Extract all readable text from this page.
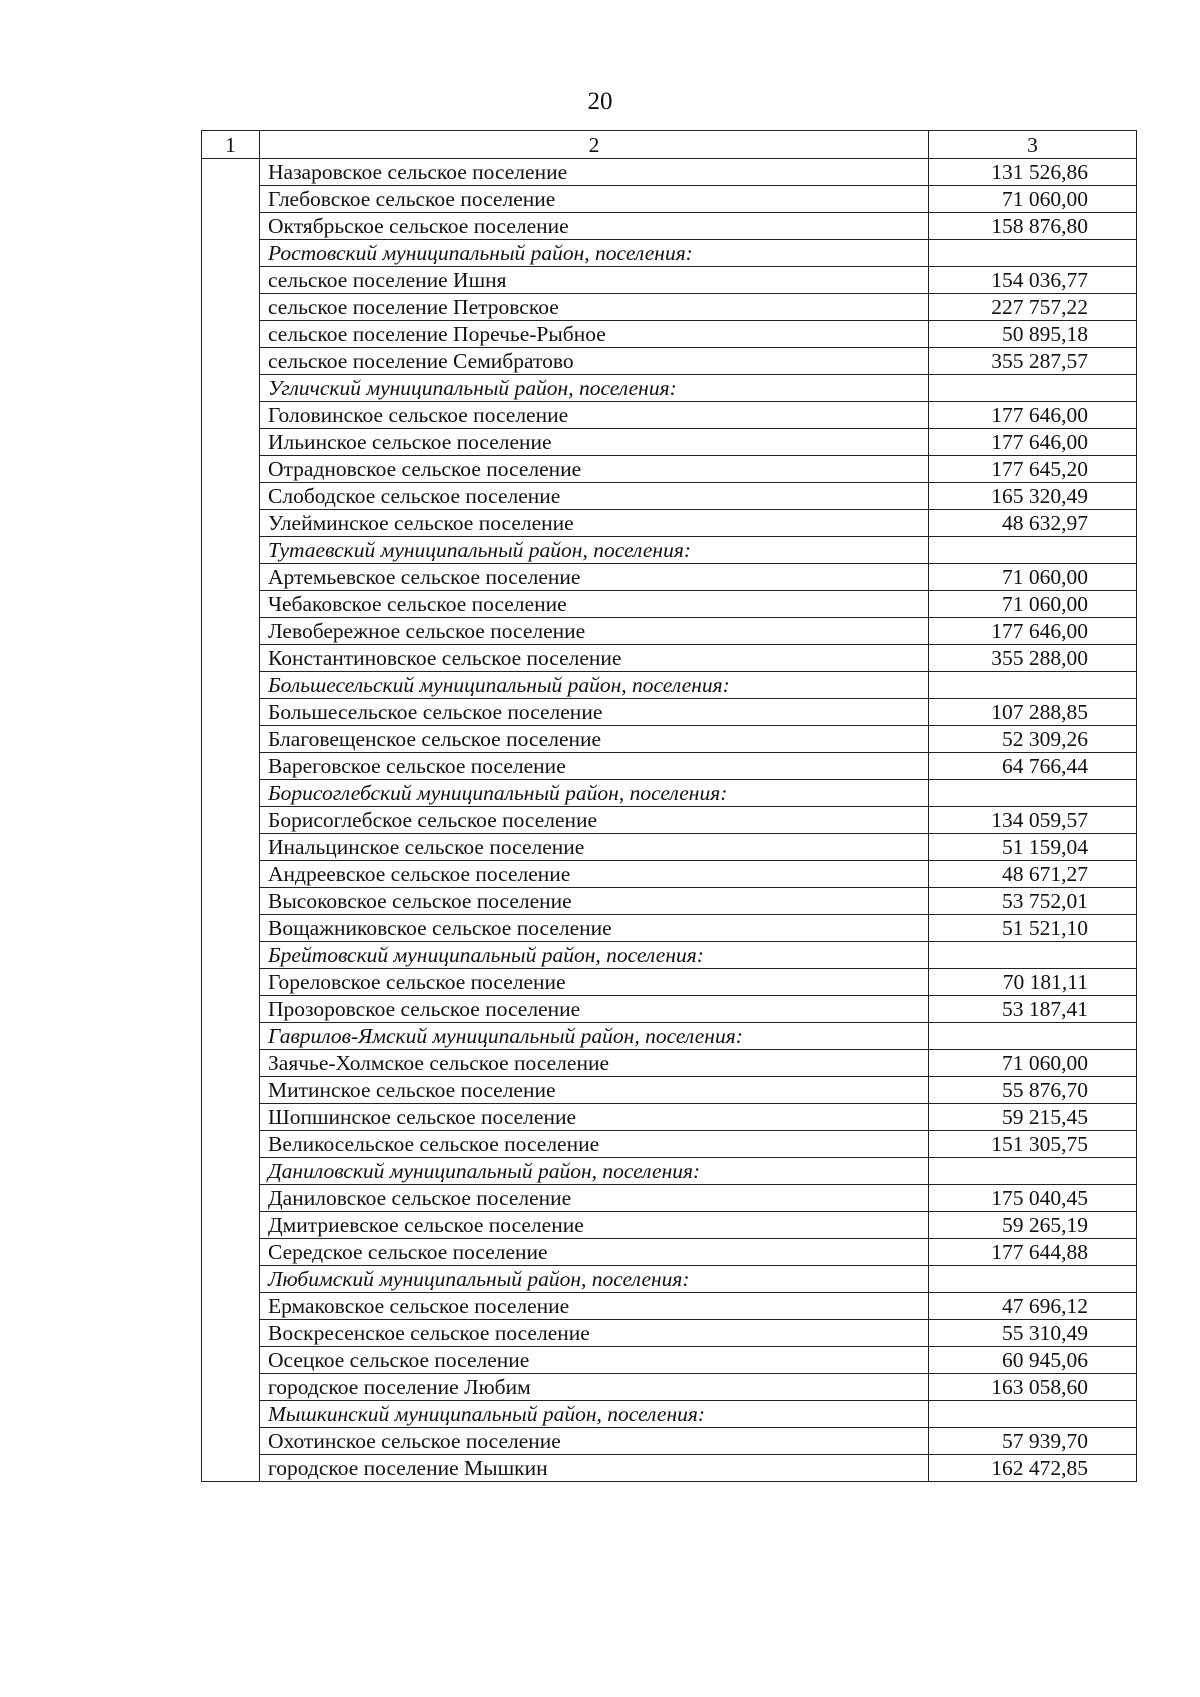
20
1	2	3
	Назаровское сельское поселение	131 526,86
	Глебовское сельское поселение	71 060,00
	Октябрьское сельское поселение	158 876,80
	Ростовский муниципальный район, поселения:	
	сельское поселение Ишня	154 036,77
	сельское поселение Петровское	227 757,22
	сельское поселение Поречье-Рыбное	50 895,18
	сельское поселение Семибратово	355 287,57
	Угличский муниципальный район, поселения:	
	Головинское сельское поселение	177 646,00
	Ильинское сельское поселение	177 646,00
	Отрадновское сельское поселение	177 645,20
	Слободское сельское поселение	165 320,49
	Улейминское сельское поселение	48 632,97
	Тутаевский муниципальный район, поселения:	
	Артемьевское сельское поселение	71 060,00
	Чебаковское сельское поселение	71 060,00
	Левобережное сельское поселение	177 646,00
	Константиновское сельское поселение	355 288,00
	Большесельский муниципальный район, поселения:	
	Большесельское сельское поселение	107 288,85
	Благовещенское сельское поселение	52 309,26
	Вареговское сельское поселение	64 766,44
	Борисоглебский муниципальный район, поселения:	
	Борисоглебское сельское поселение	134 059,57
	Инальцинское сельское поселение	51 159,04
	Андреевское сельское поселение	48 671,27
	Высоковское сельское поселение	53 752,01
	Вощажниковское сельское поселение	51 521,10
	Брейтовский муниципальный район, поселения:	
	Гореловское сельское поселение	70 181,11
	Прозоровское сельское поселение	53 187,41
	Гаврилов-Ямский муниципальный район, поселения:	
	Заячье-Холмское сельское поселение	71 060,00
	Митинское сельское поселение	55 876,70
	Шопшинское сельское поселение	59 215,45
	Великосельское сельское поселение	151 305,75
	Даниловский муниципальный район, поселения:	
	Даниловское сельское поселение	175 040,45
	Дмитриевское сельское поселение	59 265,19
	Середское сельское поселение	177 644,88
	Любимский муниципальный район, поселения:	
	Ермаковское сельское поселение	47 696,12
	Воскресенское сельское поселение	55 310,49
	Осецкое сельское поселение	60 945,06
	городское поселение Любим	163 058,60
	Мышкинский муниципальный район, поселения:	
	Охотинское сельское поселение	57 939,70
	городское поселение Мышкин	162 472,85
